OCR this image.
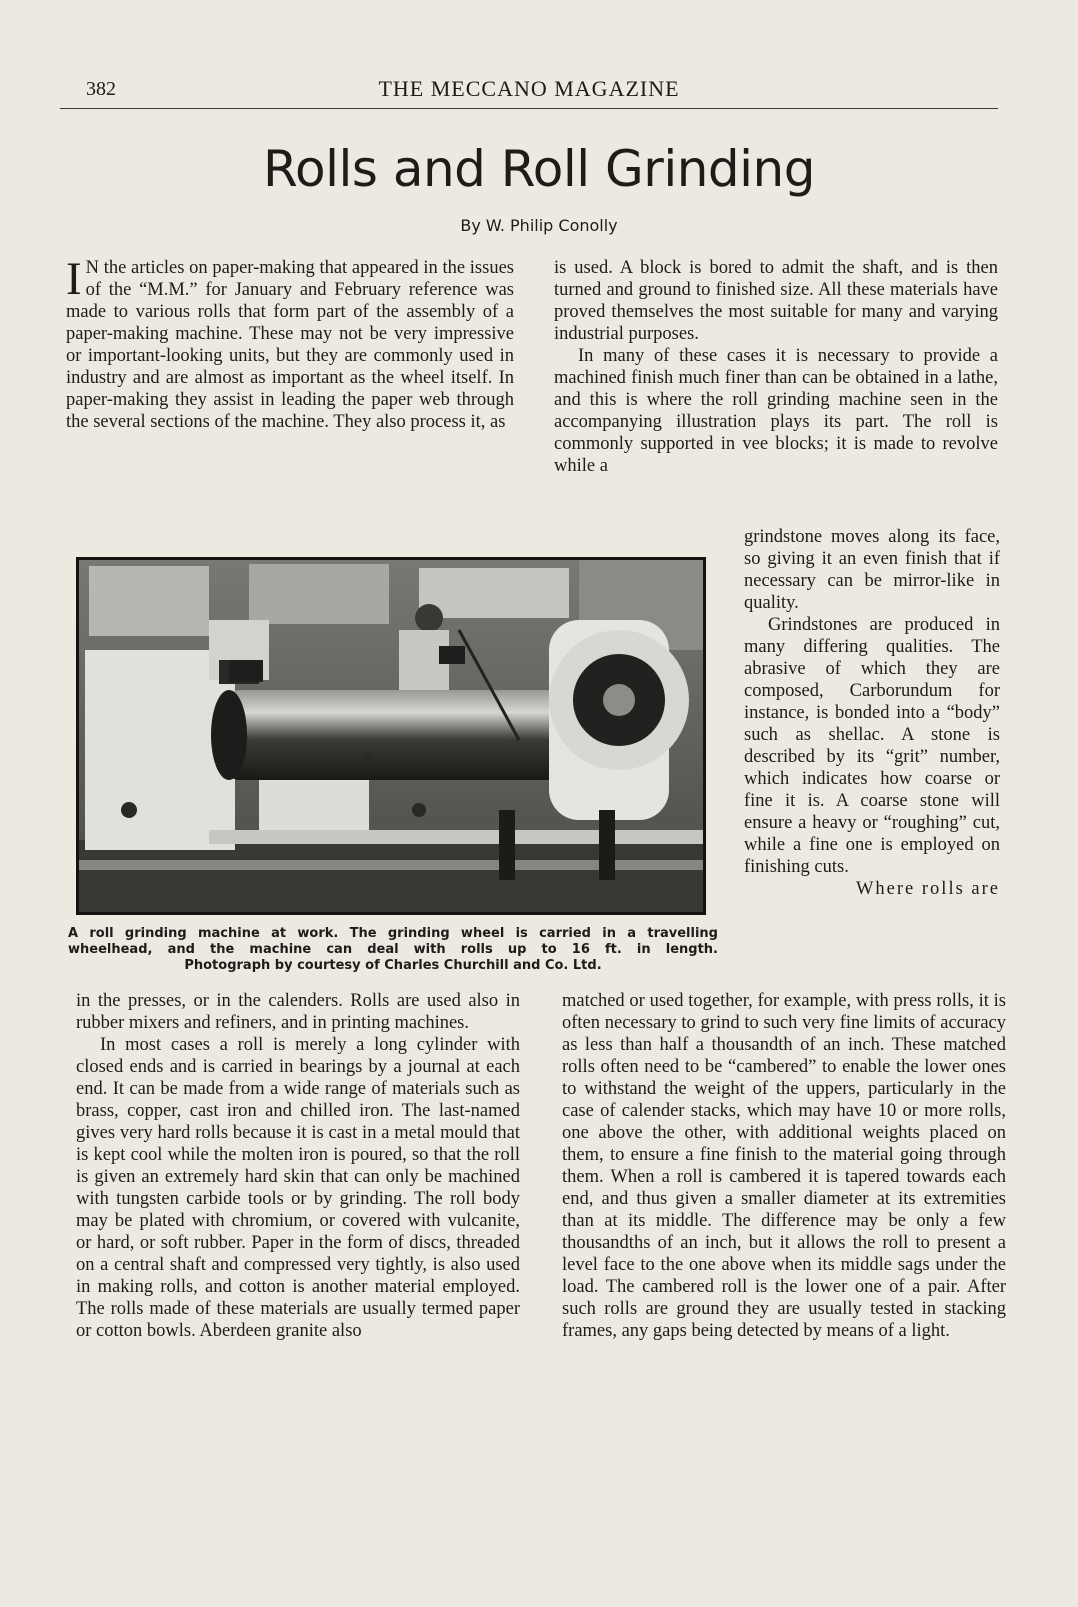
382	THE MECCANO MAGAZINE
Rolls and Roll Grinding
By W. Philip Conolly

I N the articles on paper-making that appeared in the issues of the “M.M.” for January and February reference was made to various rolls that form part of the assembly of a paper-making machine. These may not be very impressive or important-looking units, but they are commonly used in industry and are almost as important as the wheel itself. In paper-making they assist in leading the paper web through the several sections of the machine. They also process it, as

is used. A block is bored to admit the shaft, and is then turned and ground to finished size. All these materials have proved themselves the most suitable for many and varying industrial purposes.

In many of these cases it is necessary to provide a machined finish much finer than can be obtained in a lathe, and this is where the roll grinding machine seen in the accompanying illustration plays its part. The roll is commonly supported in vee blocks; it is made to revolve while a

grindstone moves along its face, so giving it an even finish that if necessary can be mirror-like in quality.

Grindstones are produced in many differing qualities. The abrasive of which they are composed, Carborundum for instance, is bonded into a “body” such as shellac. A stone is described by its “grit” number, which indicates how coarse or fine it is. A coarse stone will ensure a heavy or “roughing” cut, while a fine one is employed on finishing cuts.

Where rolls are

A roll grinding machine at work. The grinding wheel is carried in a travelling
wheelhead, and the machine can deal with rolls up to 16 ft. in length.
Photograph by courtesy of Charles Churchill and Co. Ltd.

in the presses, or in the calenders. Rolls are used also in rubber mixers and refiners, and in printing machines.

In most cases a roll is merely a long cylinder with closed ends and is carried in bearings by a journal at each end. It can be made from a wide range of materials such as brass, copper, cast iron and chilled iron. The last-named gives very hard rolls because it is cast in a metal mould that is kept cool while the molten iron is poured, so that the roll is given an extremely hard skin that can only be machined with tungsten carbide tools or by grinding. The roll body may be plated with chromium, or covered with vulcanite, or hard, or soft rubber. Paper in the form of discs, threaded on a central shaft and compressed very tightly, is also used in making rolls, and cotton is another material employed. The rolls made of these materials are usually termed paper or cotton bowls. Aberdeen granite also

matched or used together, for example, with press rolls, it is often necessary to grind to such very fine limits of accuracy as less than half a thousandth of an inch. These matched rolls often need to be “cambered” to enable the lower ones to withstand the weight of the uppers, particularly in the case of calender stacks, which may have 10 or more rolls, one above the other, with additional weights placed on them, to ensure a fine finish to the material going through them. When a roll is cambered it is tapered towards each end, and thus given a smaller diameter at its extremities than at its middle. The difference may be only a few thousandths of an inch, but it allows the roll to present a level face to the one above when its middle sags under the load. The cambered roll is the lower one of a pair. After such rolls are ground they are usually tested in stacking frames, any gaps being detected by means of a light.
